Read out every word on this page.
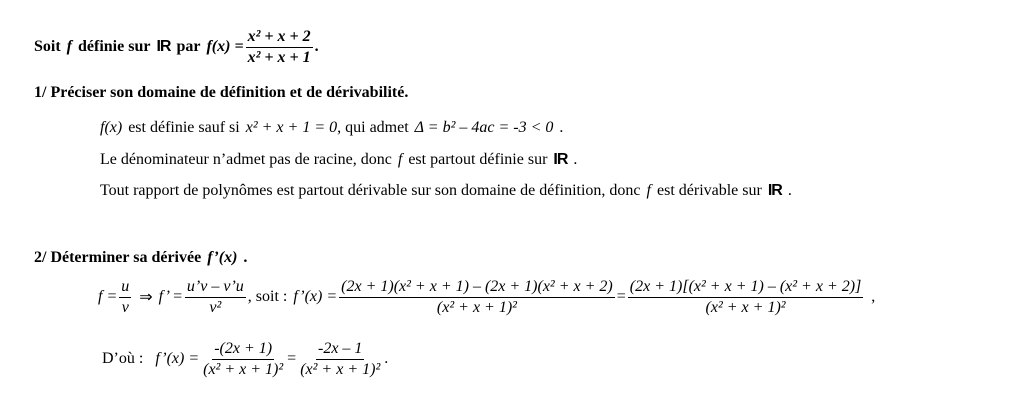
Soit f définie sur IR par $f(x) = \frac{\text{x² + x + 2}}{\text{x² + x + 1}}$ .
1/ Préciser son domaine de définition et de dérivabilité.
f(x) est définie sauf si x² + x + 1 = 0 , qui admet Δ = b² – 4ac = -3 < 0 .
Le dénominateur n’admet pas de racine, donc f est partout définie sur IR .
Tout rapport de polynômes est partout dérivable sur son domaine de définition, donc f est dérivable sur IR .
2/ Déterminer sa dérivée f’(x) .
$f = \frac{u}{v}$ ⇒ f’ = $\frac{u’v - v’u}{\text{v²}}$ , soit : f’(x) = $\frac{\text{(2x + 1)(x² + x + 1) – (2x + 1)(x² + x + 2)}}{\text{(x² + x + 1)²}} = \frac{\text{(2x + 1)[(x² + x + 1) – (x² + x + 2)]}}{\text{(x² + x + 1)²}}$ ,
D’où : f’(x) = $\frac{-(2x + 1)}{\text{(x² + x + 1)²}} = \frac{-2x - 1}{\text{(x² + x + 1)²}}$ .
